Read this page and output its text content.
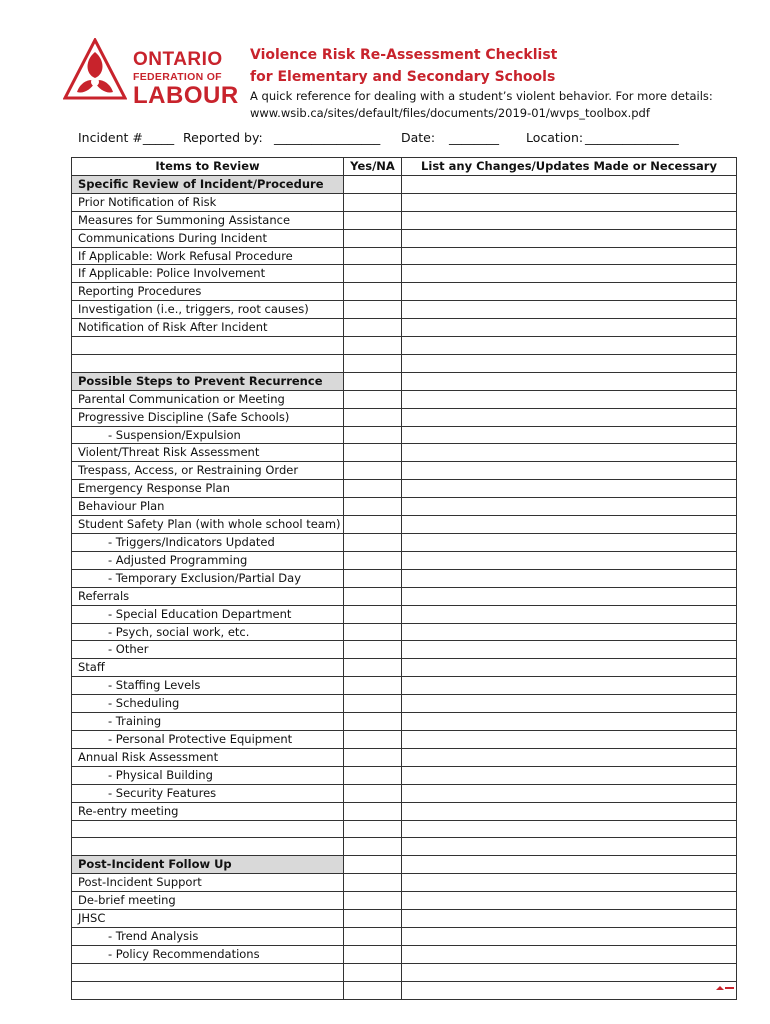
ONTARIO
FEDERATION OF
LABOUR
Violence Risk Re-Assessment Checklist
for Elementary and Secondary Schools
A quick reference for dealing with a student’s violent behavior. For more details:
www.wsib.ca/sites/default/files/documents/2019-01/wvps_toolbox.pdf
Incident #_____ Reported by: _________________ Date: ________ Location: _______________
Items to Review	Yes/NA	List any Changes/Updates Made or Necessary
Specific Review of Incident/Procedure		
Prior Notification of Risk		
Measures for Summoning Assistance		
Communications During Incident		
If Applicable: Work Refusal Procedure		
If Applicable: Police Involvement		
Reporting Procedures		
Investigation (i.e., triggers, root causes)		
Notification of Risk After Incident		

Possible Steps to Prevent Recurrence		
Parental Communication or Meeting		
Progressive Discipline (Safe Schools)		
- Suspension/Expulsion		
Violent/Threat Risk Assessment		
Trespass, Access, or Restraining Order		
Emergency Response Plan		
Behaviour Plan		
Student Safety Plan (with whole school team)		
- Triggers/Indicators Updated		
- Adjusted Programming		
- Temporary Exclusion/Partial Day		
Referrals		
- Special Education Department		
- Psych, social work, etc.		
- Other		
Staff		
- Staffing Levels		
- Scheduling		
- Training		
- Personal Protective Equipment		
Annual Risk Assessment		
- Physical Building		
- Security Features		
Re-entry meeting		

Post-Incident Follow Up		
Post-Incident Support		
De-brief meeting		
JHSC		
- Trend Analysis		
- Policy Recommendations		
